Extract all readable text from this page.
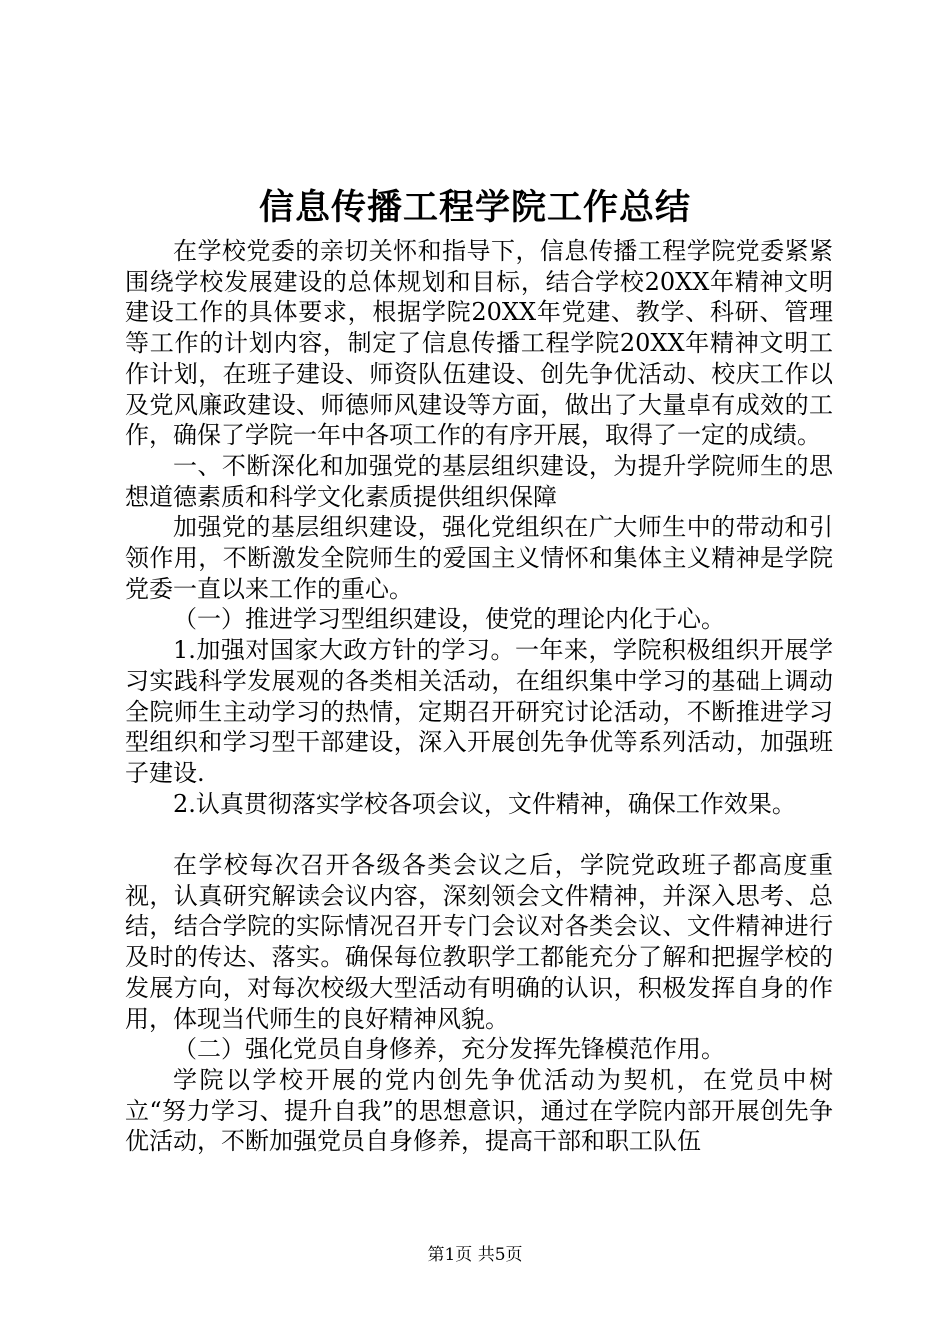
信息传播工程学院工作总结

在学校党委的亲切关怀和指导下，信息传播工程学院党委紧紧围绕学校发展建设的总体规划和目标，结合学校20XX年精神文明建设工作的具体要求，根据学院20XX年党建、教学、科研、管理等工作的计划内容，制定了信息传播工程学院20XX年精神文明工作计划，在班子建设、师资队伍建设、创先争优活动、校庆工作以及党风廉政建设、师德师风建设等方面，做出了大量卓有成效的工作，确保了学院一年中各项工作的有序开展，取得了一定的成绩。

一、不断深化和加强党的基层组织建设，为提升学院师生的思想道德素质和科学文化素质提供组织保障

加强党的基层组织建设，强化党组织在广大师生中的带动和引领作用，不断激发全院师生的爱国主义情怀和集体主义精神是学院党委一直以来工作的重心。

（一）推进学习型组织建设，使党的理论内化于心。

1.加强对国家大政方针的学习。一年来，学院积极组织开展学习实践科学发展观的各类相关活动，在组织集中学习的基础上调动全院师生主动学习的热情，定期召开研究讨论活动，不断推进学习型组织和学习型干部建设，深入开展创先争优等系列活动，加强班子建设.

2.认真贯彻落实学校各项会议，文件精神，确保工作效果。

在学校每次召开各级各类会议之后，学院党政班子都高度重视，认真研究解读会议内容，深刻领会文件精神，并深入思考、总结，结合学院的实际情况召开专门会议对各类会议、文件精神进行及时的传达、落实。确保每位教职学工都能充分了解和把握学校的发展方向，对每次校级大型活动有明确的认识，积极发挥自身的作用，体现当代师生的良好精神风貌。

（二）强化党员自身修养，充分发挥先锋模范作用。

学院以学校开展的党内创先争优活动为契机，在党员中树立“努力学习、提升自我”的思想意识，通过在学院内部开展创先争优活动，不断加强党员自身修养，提高干部和职工队伍

第1页 共5页
